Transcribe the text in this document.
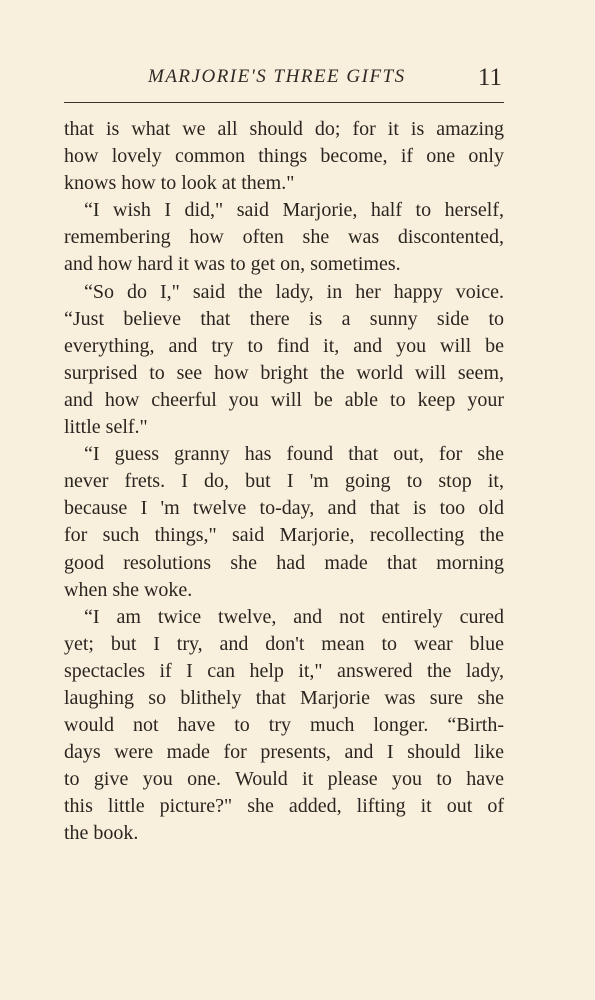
MARJORIE'S THREE GIFTS	11
that is what we all should do; for it is amazing
how lovely common things become, if one only
knows how to look at them."
“I wish I did," said Marjorie, half to herself,
remembering how often she was discontented,
and how hard it was to get on, sometimes.
“So do I," said the lady, in her happy voice.
“Just believe that there is a sunny side to
everything, and try to find it, and you will be
surprised to see how bright the world will seem,
and how cheerful you will be able to keep your
little self."
“I guess granny has found that out, for she
never frets. I do, but I 'm going to stop it,
because I 'm twelve to-day, and that is too old
for such things," said Marjorie, recollecting the
good resolutions she had made that morning
when she woke.
“I am twice twelve, and not entirely cured
yet; but I try, and don't mean to wear blue
spectacles if I can help it," answered the lady,
laughing so blithely that Marjorie was sure she
would not have to try much longer. “Birth-
days were made for presents, and I should like
to give you one. Would it please you to have
this little picture?" she added, lifting it out of
the book.
